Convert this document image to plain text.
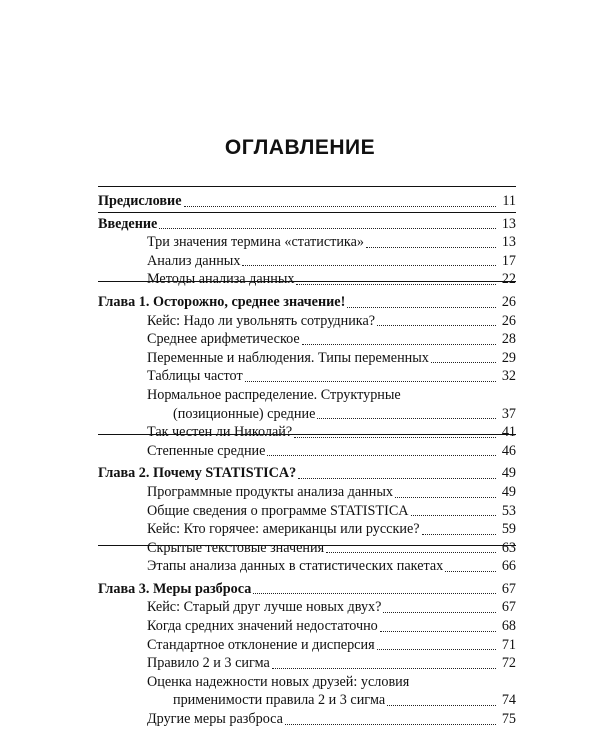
ОГЛАВЛЕНИЕ
Предисловие	11
Введение	13
Три значения термина «статистика»	13
Анализ данных	17
Методы анализа данных	22
Глава 1. Осторожно, среднее значение!	26
Кейс: Надо ли увольнять сотрудника?	26
Среднее арифметическое	28
Переменные и наблюдения. Типы переменных	29
Таблицы частот	32
Нормальное распределение. Структурные
(позиционные) средние	37
Так честен ли Николай?	41
Степенные средние	46
Глава 2. Почему STATISTICA?	49
Программные продукты анализа данных	49
Общие сведения о программе STATISTICA	53
Кейс: Кто горячее: американцы или русские?	59
Скрытые текстовые значения	63
Этапы анализа данных в статистических пакетах	66
Глава 3. Меры разброса	67
Кейс: Старый друг лучше новых двух?	67
Когда средних значений недостаточно	68
Стандартное отклонение и дисперсия	71
Правило 2 и 3 сигма	72
Оценка надежности новых друзей: условия
применимости правила 2 и 3 сигма	74
Другие меры разброса	75
